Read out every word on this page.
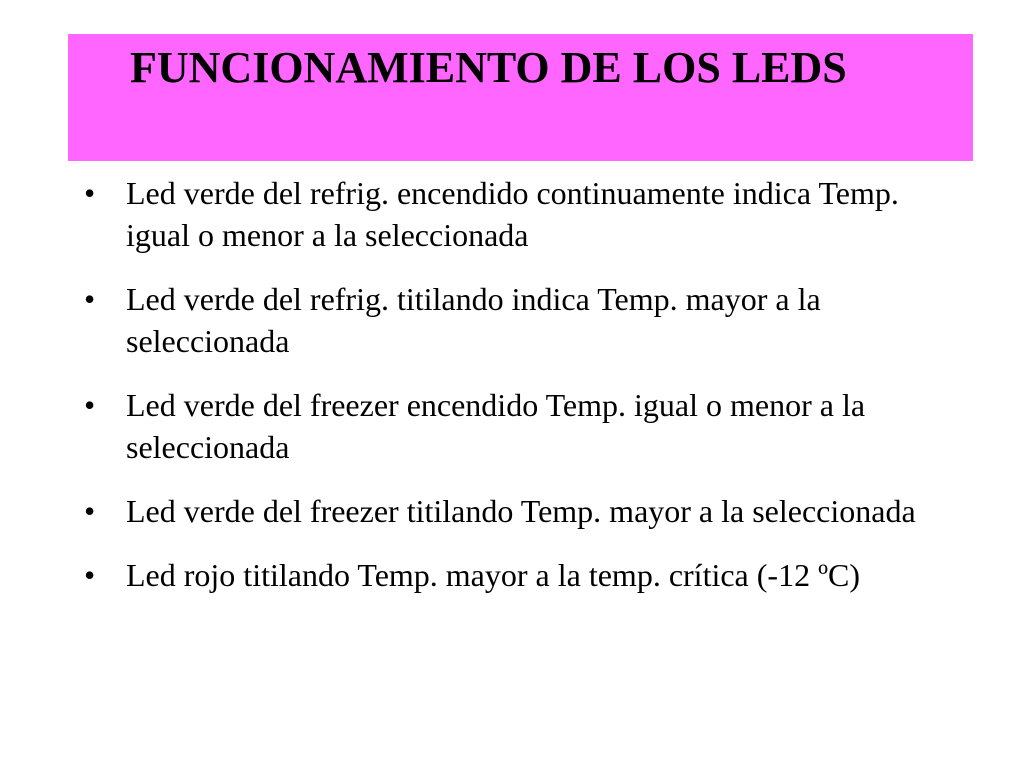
FUNCIONAMIENTO DE LOS LEDS
• Led verde del refrig. encendido continuamente indica Temp. igual o menor a la seleccionada
• Led verde del refrig. titilando indica Temp. mayor a la seleccionada
• Led verde del freezer encendido Temp. igual o menor a la seleccionada
• Led verde del freezer titilando Temp. mayor a la seleccionada
• Led rojo titilando Temp. mayor a la temp. crítica (-12 ºC)
